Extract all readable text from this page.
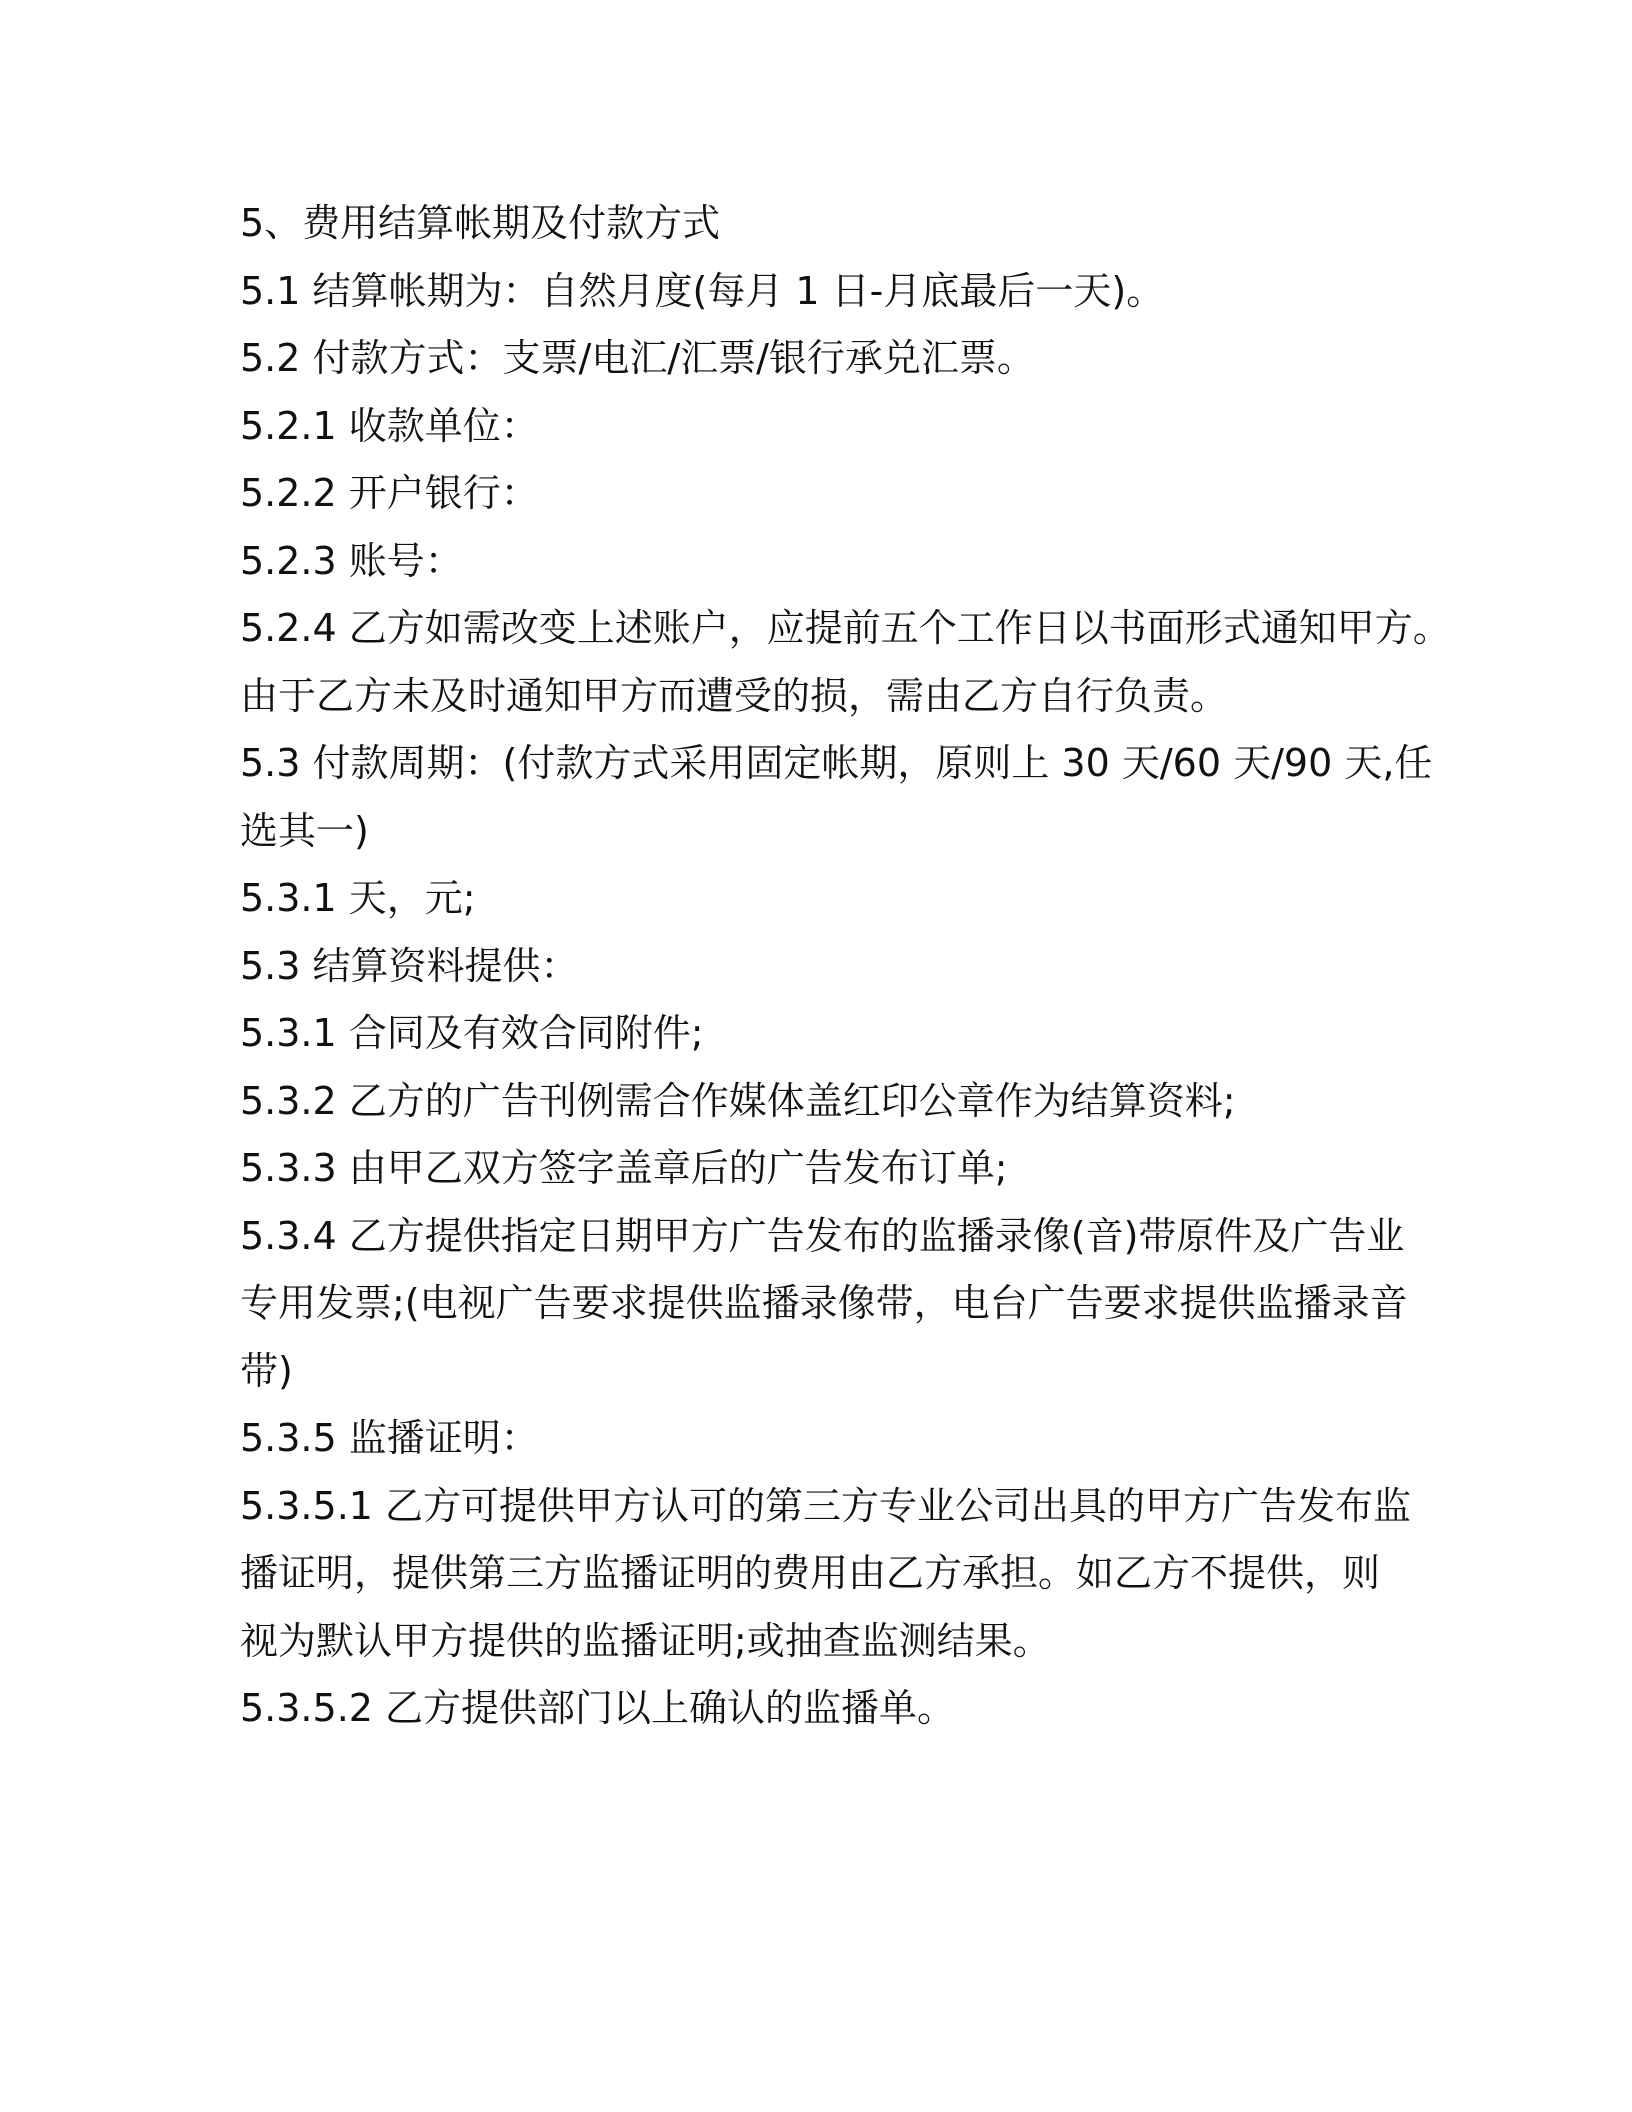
5、费用结算帐期及付款方式
5.1 结算帐期为：自然月度(每月 1 日-月底最后一天)。
5.2 付款方式：支票/电汇/汇票/银行承兑汇票。
5.2.1 收款单位：
5.2.2 开户银行：
5.2.3 账号：
5.2.4 乙方如需改变上述账户，应提前五个工作日以书面形式通知甲方。
由于乙方未及时通知甲方而遭受的损，需由乙方自行负责。
5.3 付款周期：(付款方式采用固定帐期，原则上 30 天/60 天/90 天,任
选其一)
5.3.1 天，元;
5.3 结算资料提供：
5.3.1 合同及有效合同附件;
5.3.2 乙方的广告刊例需合作媒体盖红印公章作为结算资料;
5.3.3 由甲乙双方签字盖章后的广告发布订单;
5.3.4 乙方提供指定日期甲方广告发布的监播录像(音)带原件及广告业
专用发票;(电视广告要求提供监播录像带，电台广告要求提供监播录音
带)
5.3.5 监播证明：
5.3.5.1 乙方可提供甲方认可的第三方专业公司出具的甲方广告发布监
播证明，提供第三方监播证明的费用由乙方承担。如乙方不提供，则
视为默认甲方提供的监播证明;或抽查监测结果。
5.3.5.2 乙方提供部门以上确认的监播单。
